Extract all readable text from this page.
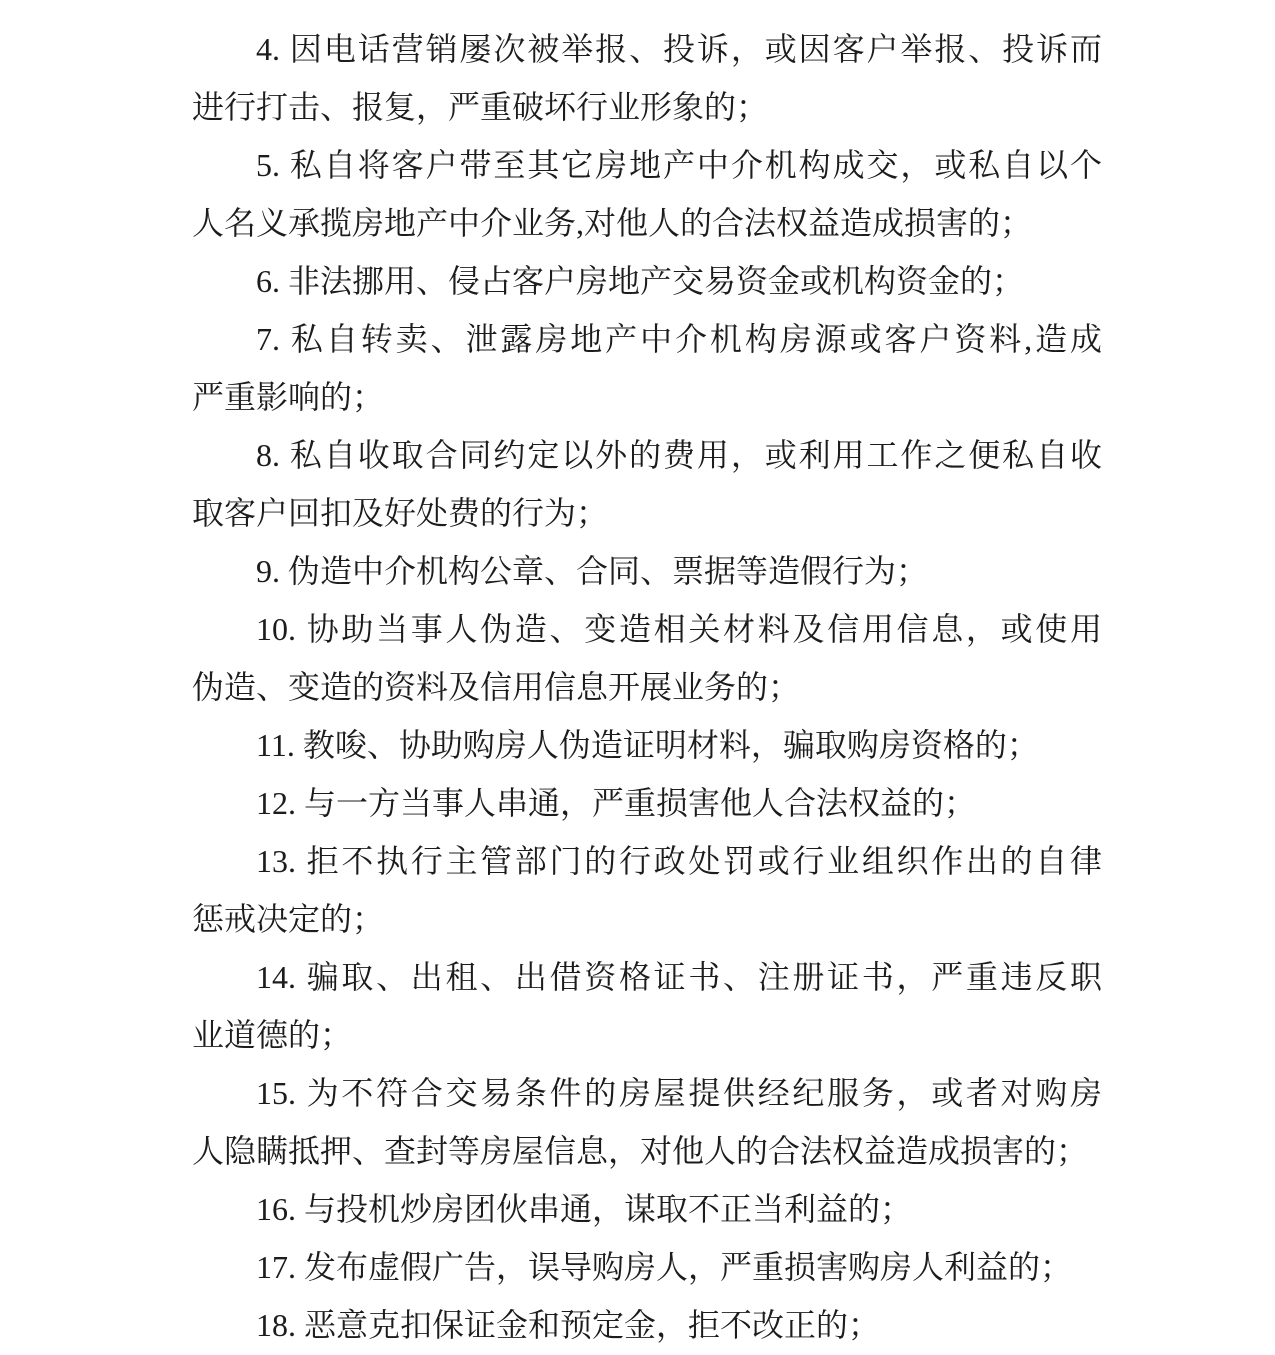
4. 因电话营销屡次被举报、投诉，或因客户举报、投诉而
进行打击、报复，严重破坏行业形象的；
5. 私自将客户带至其它房地产中介机构成交，或私自以个
人名义承揽房地产中介业务,对他人的合法权益造成损害的；
6. 非法挪用、侵占客户房地产交易资金或机构资金的；
7. 私自转卖、泄露房地产中介机构房源或客户资料,造成
严重影响的；
8. 私自收取合同约定以外的费用，或利用工作之便私自收
取客户回扣及好处费的行为；
9. 伪造中介机构公章、合同、票据等造假行为；
10. 协助当事人伪造、变造相关材料及信用信息，或使用
伪造、变造的资料及信用信息开展业务的；
11. 教唆、协助购房人伪造证明材料，骗取购房资格的；
12. 与一方当事人串通，严重损害他人合法权益的；
13. 拒不执行主管部门的行政处罚或行业组织作出的自律
惩戒决定的；
14. 骗取、出租、出借资格证书、注册证书，严重违反职
业道德的；
15. 为不符合交易条件的房屋提供经纪服务，或者对购房
人隐瞒抵押、查封等房屋信息，对他人的合法权益造成损害的；
16. 与投机炒房团伙串通，谋取不正当利益的；
17. 发布虚假广告，误导购房人，严重损害购房人利益的；
18. 恶意克扣保证金和预定金，拒不改正的；
